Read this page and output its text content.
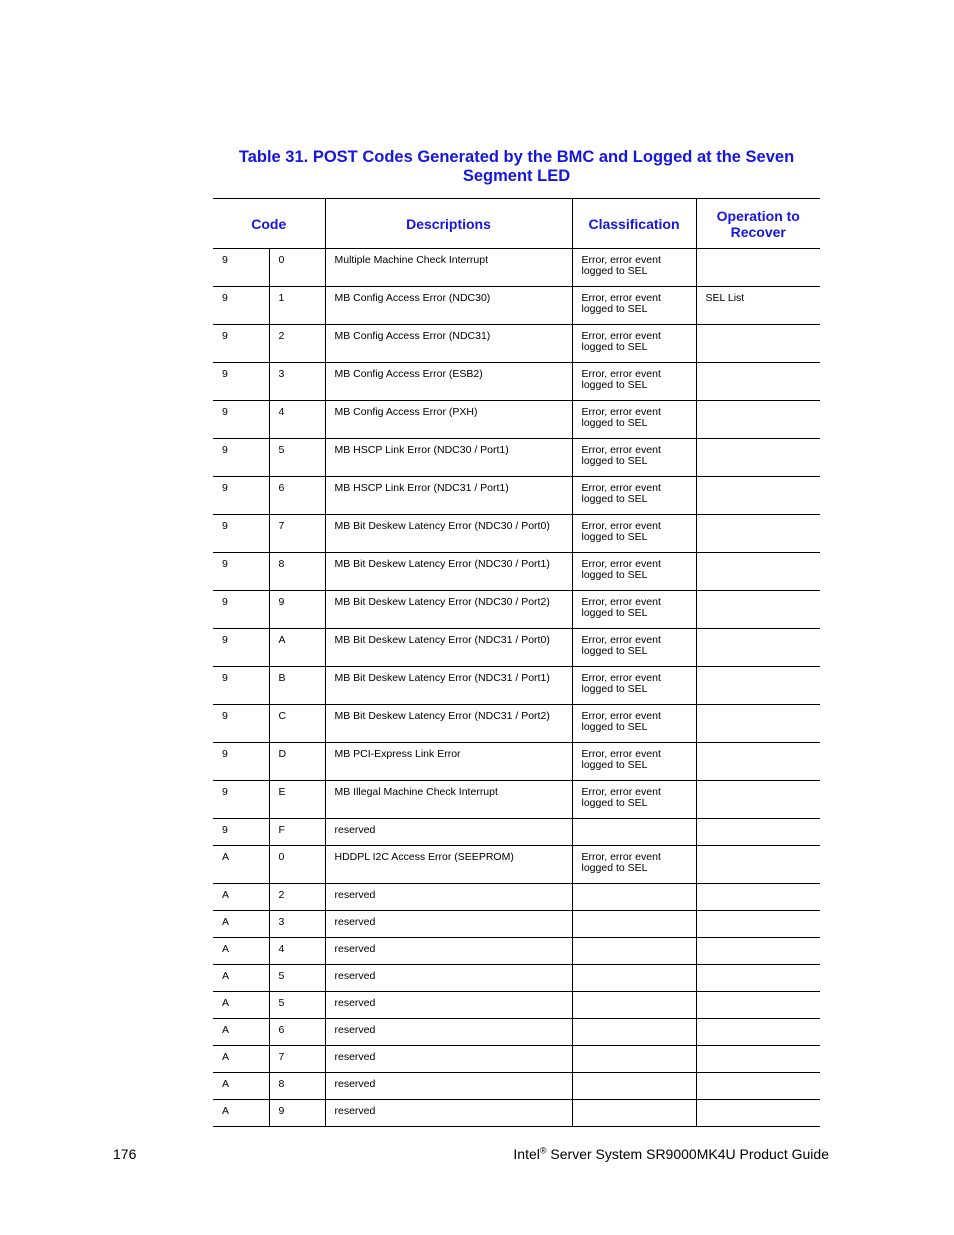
Table 31. POST Codes Generated by the BMC and Logged at the Seven
Segment LED
Code		Descriptions	Classification	Operation to Recover
9	0	Multiple Machine Check Interrupt	Error, error event
logged to SEL	

9	1	MB Config Access Error (NDC30)	Error, error event
logged to SEL	SEL List
9	2	MB Config Access Error (NDC31)	Error, error event
logged to SEL	

9	3	MB Config Access Error (ESB2)	Error, error event
logged to SEL	

9	4	MB Config Access Error (PXH)	Error, error event
logged to SEL	

9	5	MB HSCP Link Error (NDC30 / Port1)	Error, error event
logged to SEL	

9	6	MB HSCP Link Error (NDC31 / Port1)	Error, error event
logged to SEL	

9	7	MB Bit Deskew Latency Error (NDC30 / Port0)	Error, error event
logged to SEL	

9	8	MB Bit Deskew Latency Error (NDC30 / Port1)	Error, error event
logged to SEL	

9	9	MB Bit Deskew Latency Error (NDC30 / Port2)	Error, error event
logged to SEL	

9	A	MB Bit Deskew Latency Error (NDC31 / Port0)	Error, error event
logged to SEL	

9	B	MB Bit Deskew Latency Error (NDC31 / Port1)	Error, error event
logged to SEL	

9	C	MB Bit Deskew Latency Error (NDC31 / Port2)	Error, error event
logged to SEL	

9	D	MB PCI-Express Link Error	Error, error event
logged to SEL	

9	E	MB Illegal Machine Check Interrupt	Error, error event
logged to SEL	

9	F	reserved		
A	0	HDDPL I2C Access Error (SEEPROM)	Error, error event
logged to SEL	

A	2	reserved		
A	3	reserved		
A	4	reserved		
A	5	reserved		
A	5	reserved		
A	6	reserved		
A	7	reserved		
A	8	reserved		
A	9	reserved		
176	Intel® Server System SR9000MK4U Product Guide
